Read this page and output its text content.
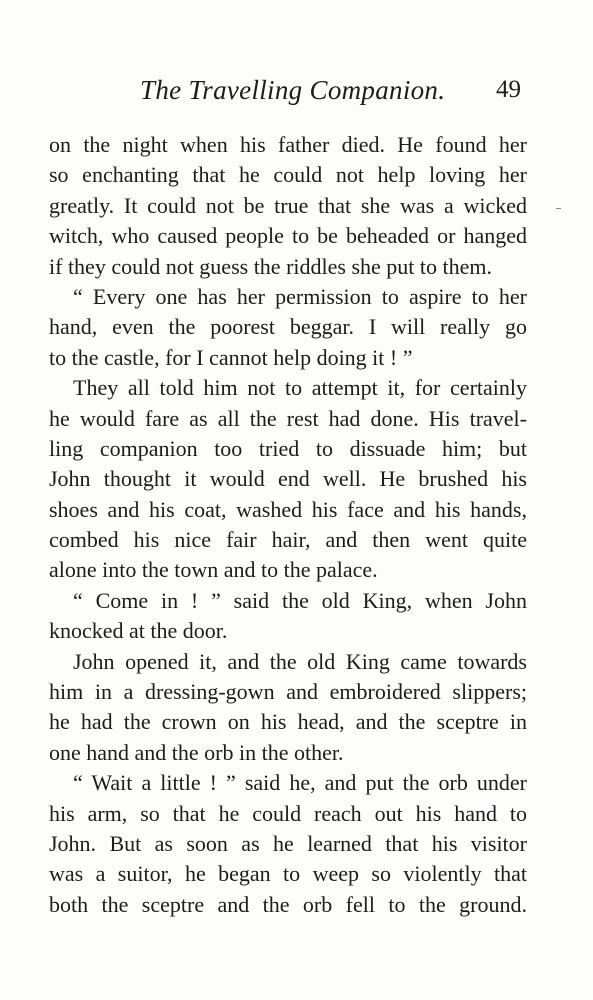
The Travelling Companion. 49
on the night when his father died. He found her
so enchanting that he could not help loving her
greatly. It could not be true that she was a wicked
witch, who caused people to be beheaded or hanged
if they could not guess the riddles she put to them.
“ Every one has her permission to aspire to her
hand, even the poorest beggar. I will really go
to the castle, for I cannot help doing it ! ”
They all told him not to attempt it, for certainly
he would fare as all the rest had done. His travel-
ling companion too tried to dissuade him; but
John thought it would end well. He brushed his
shoes and his coat, washed his face and his hands,
combed his nice fair hair, and then went quite
alone into the town and to the palace.
“ Come in ! ” said the old King, when John
knocked at the door.
John opened it, and the old King came towards
him in a dressing-gown and embroidered slippers;
he had the crown on his head, and the sceptre in
one hand and the orb in the other.
“ Wait a little ! ” said he, and put the orb under
his arm, so that he could reach out his hand to
John. But as soon as he learned that his visitor
was a suitor, he began to weep so violently that
both the sceptre and the orb fell to the ground.
